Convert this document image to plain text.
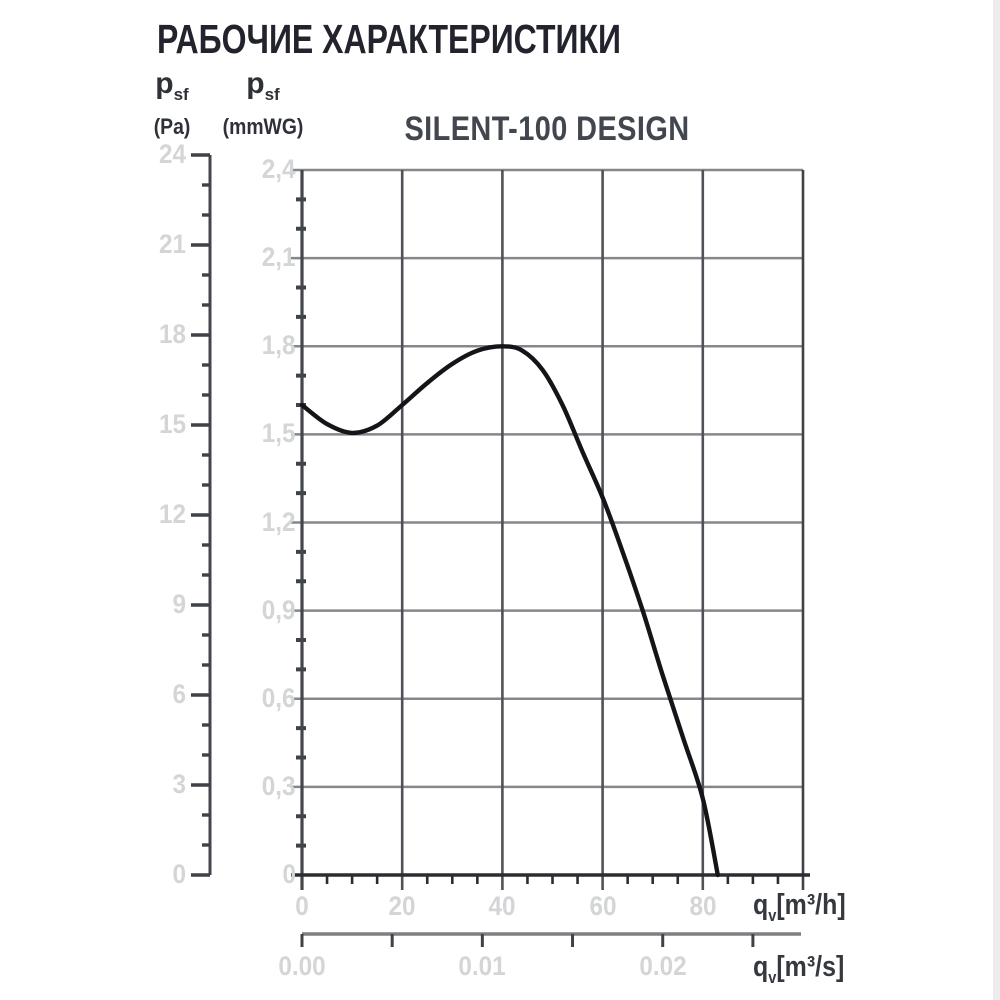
РАБОЧИЕ ХАРАКТЕРИСТИКИ
$p_{sf}$
(Pa)
$p_{sf}$
(mmWG)	SILENT-100 DESIGN
24
21
18
15
12
9
6
3
0
2,4
2,1
1,8
1,5
1,2
0,9
0,6
0,3
0
0	20	40	60	80
0.00	0.01	0.02
$q_v[m^3/h]$
$q_v[m^3/s]$
